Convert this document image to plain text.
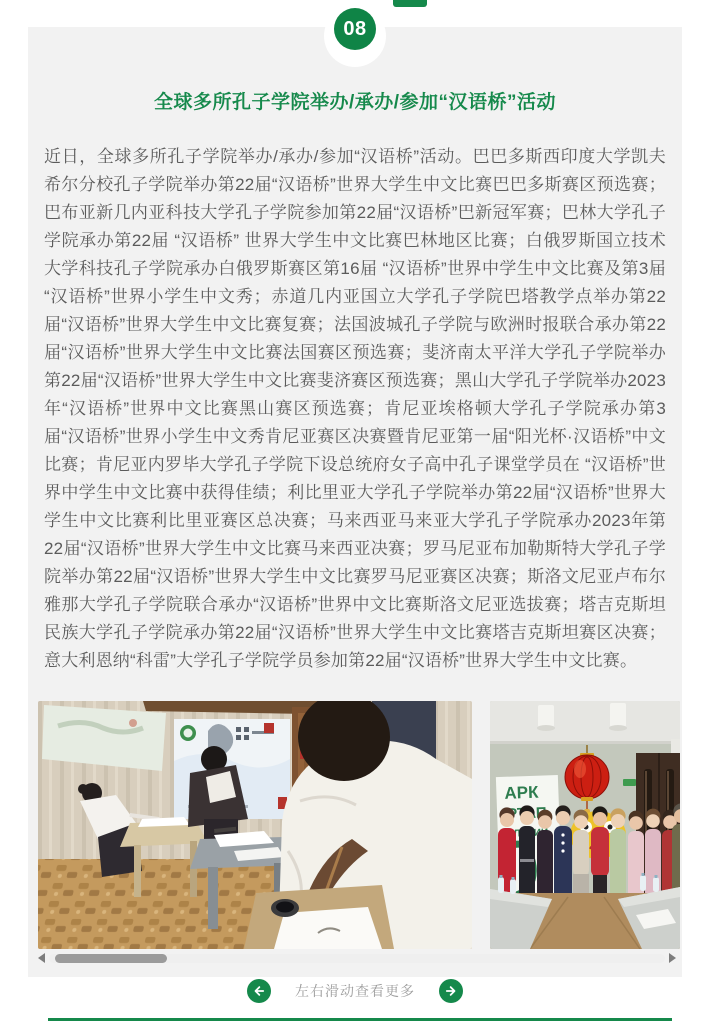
08
全球多所孔子学院举办/承办/参加“汉语桥”活动

近日，全球多所孔子学院举办/承办/参加“汉语桥”活动。巴巴多斯西印度大学凯夫希尔分校孔子学院举办第22届“汉语桥”世界大学生中文比赛巴巴多斯赛区预选赛；巴布亚新几内亚科技大学孔子学院参加第22届“汉语桥”巴新冠军赛；巴林大学孔子学院承办第22届 “汉语桥” 世界大学生中文比赛巴林地区比赛；白俄罗斯国立技术大学科技孔子学院承办白俄罗斯赛区第16届 “汉语桥”世界中学生中文比赛及第3届 “汉语桥”世界小学生中文秀；赤道几内亚国立大学孔子学院巴塔教学点举办第22届“汉语桥”世界大学生中文比赛复赛；法国波城孔子学院与欧洲时报联合承办第22届“汉语桥”世界大学生中文比赛法国赛区预选赛；斐济南太平洋大学孔子学院举办第22届“汉语桥”世界大学生中文比赛斐济赛区预选赛；黑山大学孔子学院举办2023年“汉语桥”世界中文比赛黑山赛区预选赛；肯尼亚埃格顿大学孔子学院承办第3届“汉语桥”世界小学生中文秀肯尼亚赛区决赛暨肯尼亚第一届“阳光杯·汉语桥”中文比赛；肯尼亚内罗毕大学孔子学院下设总统府女子高中孔子课堂学员在 “汉语桥”世界中学生中文比赛中获得佳绩；利比里亚大学孔子学院举办第22届“汉语桥”世界大学生中文比赛利比里亚赛区总决赛；马来西亚马来亚大学孔子学院承办2023年第22届“汉语桥”世界大学生中文比赛马来西亚决赛；罗马尼亚布加勒斯特大学孔子学院举办第22届“汉语桥”世界大学生中文比赛罗马尼亚赛区决赛；斯洛文尼亚卢布尔雅那大学孔子学院联合承办“汉语桥”世界中文比赛斯洛文尼亚选拔赛；塔吉克斯坦民族大学孔子学院承办第22届“汉语桥”世界大学生中文比赛塔吉克斯坦赛区决赛；意大利恩纳“科雷”大学孔子学院学员参加第22届“汉语桥”世界大学生中文比赛。

АРК
左右滑动查看更多
